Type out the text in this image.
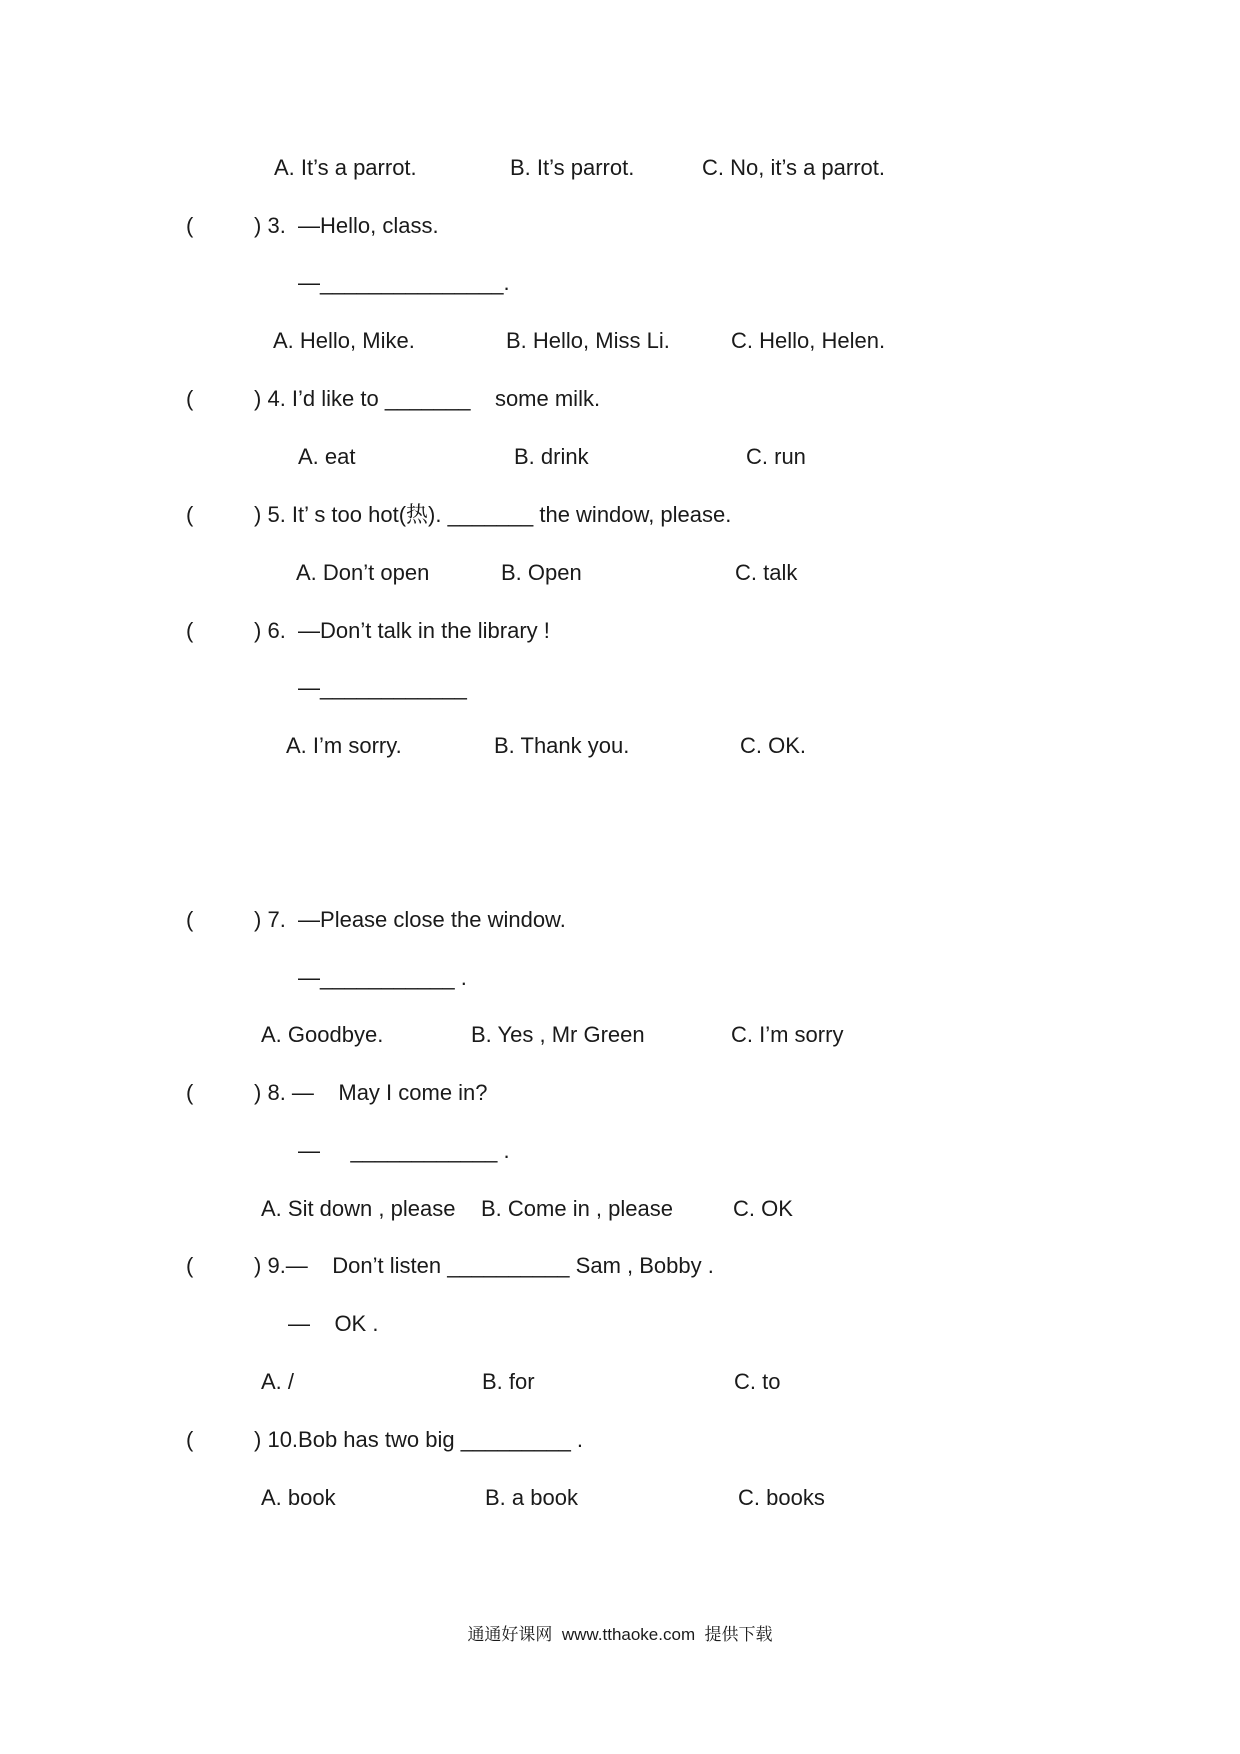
A. It’s a parrot.	B. It’s parrot.	C. No, it’s a parrot.
(	) 3.  —Hello, class.
—_______________.
A. Hello, Mike.	B. Hello, Miss Li.	C. Hello, Helen.
(	) 4. I’d like to _______    some milk.
A. eat	B. drink	C. run
(	) 5. It’ s too hot(热). _______ the window, please.
A. Don’t open	B. Open	C. talk
(	) 6.  —Don’t talk in the library !
—____________
A. I’m sorry.	B. Thank you.	C. OK.
(	) 7.  —Please close the window.
—___________ .
A. Goodbye.	B. Yes , Mr Green	C. I’m sorry
(	) 8. —    May I come in?
—     ____________ .
A. Sit down , please B. Come in , please	C. OK
(	) 9.—    Don’t listen __________ Sam , Bobby .
—    OK .
A. /	B. for	C. to
(	) 10.Bob has two big _________ .
A. book	B. a book	C. books
通通好课网  www.tthaoke.com  提供下载
